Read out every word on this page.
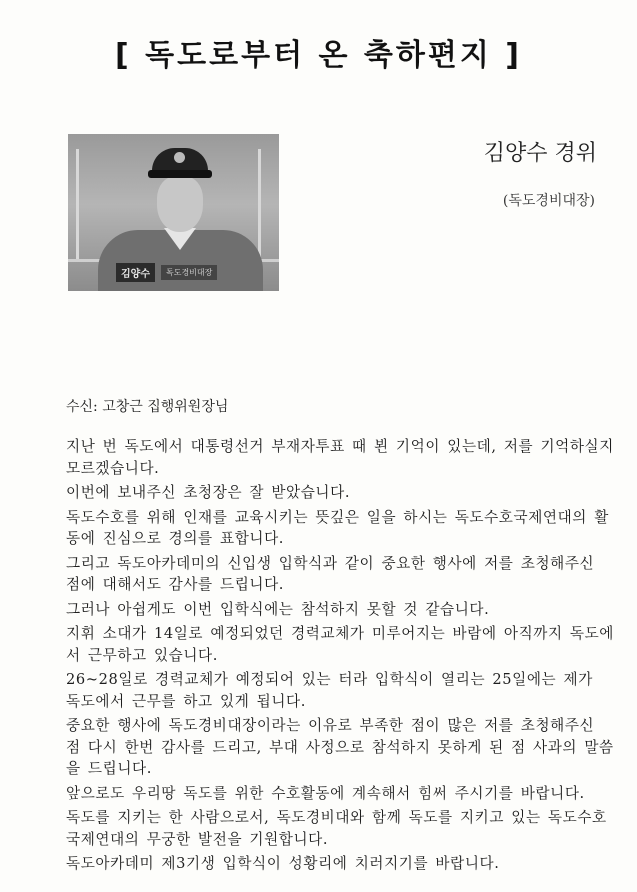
[ 독도로부터 온 축하편지 ]
김양수	독도경비대장
김양수 경위
(독도경비대장)
수신: 고창근 집행위원장님

지난 번 독도에서 대통령선거 부재자투표 때 뵌 기억이 있는데, 저를 기억하실지 모르겠습니다.

이번에 보내주신 초청장은 잘 받았습니다.

독도수호를 위해 인재를 교육시키는 뜻깊은 일을 하시는 독도수호국제연대의 활동에 진심으로 경의를 표합니다.

그리고 독도아카데미의 신입생 입학식과 같이 중요한 행사에 저를 초청해주신 점에 대해서도 감사를 드립니다.

그러나 아쉽게도 이번 입학식에는 참석하지 못할 것 같습니다.

지휘 소대가 14일로 예정되었던 경력교체가 미루어지는 바람에 아직까지 독도에서 근무하고 있습니다.

26~28일로 경력교체가 예정되어 있는 터라 입학식이 열리는 25일에는 제가 독도에서 근무를 하고 있게 됩니다.

중요한 행사에 독도경비대장이라는 이유로 부족한 점이 많은 저를 초청해주신 점 다시 한번 감사를 드리고, 부대 사정으로 참석하지 못하게 된 점 사과의 말씀을 드립니다.

앞으로도 우리땅 독도를 위한 수호활동에 계속해서 힘써 주시기를 바랍니다.

독도를 지키는 한 사람으로서, 독도경비대와 함께 독도를 지키고 있는 독도수호국제연대의 무궁한 발전을 기원합니다.

독도아카데미 제3기생 입학식이 성황리에 치러지기를 바랍니다.
